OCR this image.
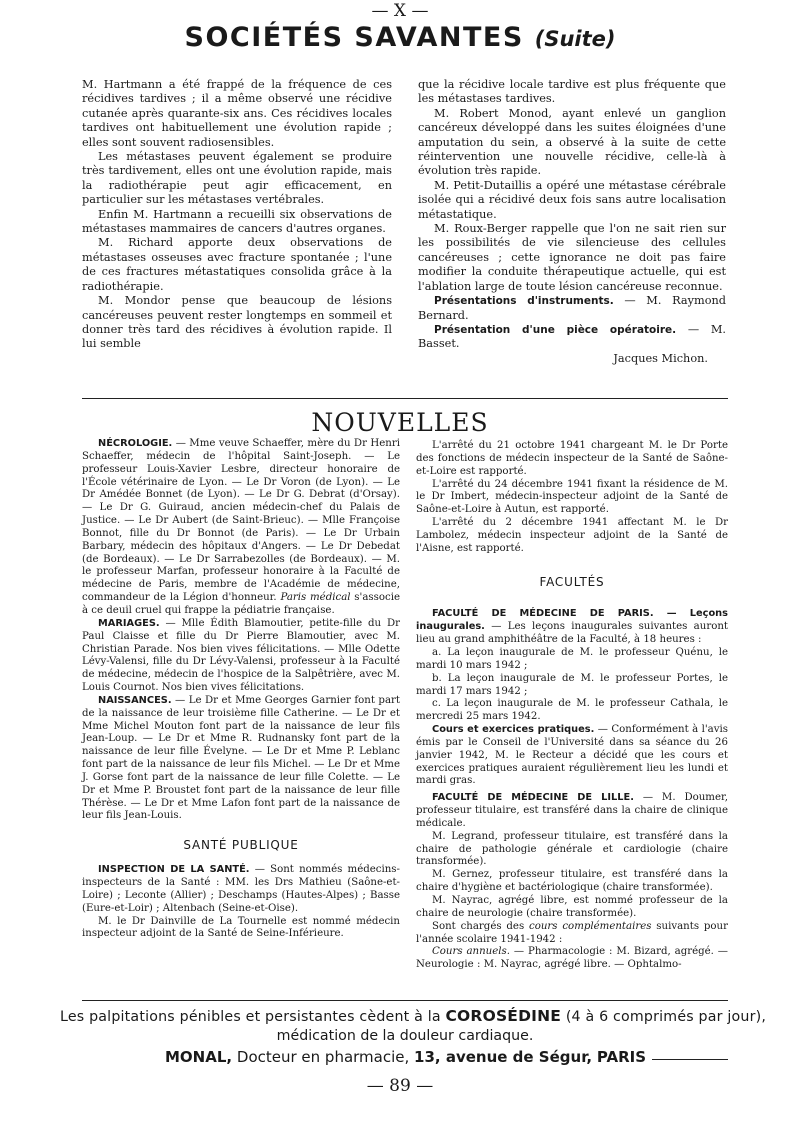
— X —
SOCIÉTÉS SAVANTES (Suite)

M. Hartmann a été frappé de la fréquence de ces récidives tardives ; il a même observé une récidive cutanée après quarante-six ans. Ces récidives locales tardives ont habituellement une évolution rapide ; elles sont souvent radiosensibles.

Les métastases peuvent également se produire très tardivement, elles ont une évolution rapide, mais la radiothérapie peut agir efficacement, en particulier sur les métastases vertébrales.

Enfin M. Hartmann a recueilli six observations de métastases mammaires de cancers d'autres organes.

M. Richard apporte deux observations de métastases osseuses avec fracture spontanée ; l'une de ces fractures métastatiques consolida grâce à la radiothérapie.

M. Mondor pense que beaucoup de lésions cancéreuses peuvent rester longtemps en sommeil et donner très tard des récidives à évolution rapide. Il lui semble

que la récidive locale tardive est plus fréquente que les métastases tardives.

M. Robert Monod, ayant enlevé un ganglion cancéreux développé dans les suites éloignées d'une amputation du sein, a observé à la suite de cette réintervention une nouvelle récidive, celle-là à évolution très rapide.

M. Petit-Dutaillis a opéré une métastase cérébrale isolée qui a récidivé deux fois sans autre localisation métastatique.

M. Roux-Berger rappelle que l'on ne sait rien sur les possibilités de vie silencieuse des cellules cancéreuses ; cette ignorance ne doit pas faire modifier la conduite thérapeutique actuelle, qui est l'ablation large de toute lésion cancéreuse reconnue.

Présentations d'instruments. — M. Raymond Bernard.

Présentation d'une pièce opératoire. — M. Basset.

Jacques Michon.

NOUVELLES

NÉCROLOGIE. — Mme veuve Schaeffer, mère du Dr Henri Schaeffer, médecin de l'hôpital Saint-Joseph. — Le professeur Louis-Xavier Lesbre, directeur honoraire de l'École vétérinaire de Lyon. — Le Dr Voron (de Lyon). — Le Dr Amédée Bonnet (de Lyon). — Le Dr G. Debrat (d'Orsay). — Le Dr G. Guiraud, ancien médecin-chef du Palais de Justice. — Le Dr Aubert (de Saint-Brieuc). — Mlle Françoise Bonnot, fille du Dr Bonnot (de Paris). — Le Dr Urbain Barbary, médecin des hôpitaux d'Angers. — Le Dr Debedat (de Bordeaux). — Le Dr Sarrabezolles (de Bordeaux). — M. le professeur Marfan, professeur honoraire à la Faculté de médecine de Paris, membre de l'Académie de médecine, commandeur de la Légion d'honneur. Paris médical s'associe à ce deuil cruel qui frappe la pédiatrie française.

MARIAGES. — Mlle Édith Blamoutier, petite-fille du Dr Paul Claisse et fille du Dr Pierre Blamoutier, avec M. Christian Parade. Nos bien vives félicitations. — Mlle Odette Lévy-Valensi, fille du Dr Lévy-Valensi, professeur à la Faculté de médecine, médecin de l'hospice de la Salpêtrière, avec M. Louis Cournot. Nos bien vives félicitations.

NAISSANCES. — Le Dr et Mme Georges Garnier font part de la naissance de leur troisième fille Catherine. — Le Dr et Mme Michel Mouton font part de la naissance de leur fils Jean-Loup. — Le Dr et Mme R. Rudnansky font part de la naissance de leur fille Évelyne. — Le Dr et Mme P. Leblanc font part de la naissance de leur fils Michel. — Le Dr et Mme J. Gorse font part de la naissance de leur fille Colette. — Le Dr et Mme P. Broustet font part de la naissance de leur fille Thérèse. — Le Dr et Mme Lafon font part de la naissance de leur fils Jean-Louis.

SANTÉ PUBLIQUE

INSPECTION DE LA SANTÉ. — Sont nommés médecins-inspecteurs de la Santé : MM. les Drs Mathieu (Saône-et-Loire) ; Leconte (Allier) ; Deschamps (Hautes-Alpes) ; Basse (Eure-et-Loir) ; Altenbach (Seine-et-Oise).

M. le Dr Dainville de La Tournelle est nommé médecin inspecteur adjoint de la Santé de Seine-Inférieure.

L'arrêté du 21 octobre 1941 chargeant M. le Dr Porte des fonctions de médecin inspecteur de la Santé de Saône-et-Loire est rapporté.

L'arrêté du 24 décembre 1941 fixant la résidence de M. le Dr Imbert, médecin-inspecteur adjoint de la Santé de Saône-et-Loire à Autun, est rapporté.

L'arrêté du 2 décembre 1941 affectant M. le Dr Lambolez, médecin inspecteur adjoint de la Santé de l'Aisne, est rapporté.

FACULTÉS

FACULTÉ DE MÉDECINE DE PARIS. — Leçons inaugurales. — Les leçons inaugurales suivantes auront lieu au grand amphithéâtre de la Faculté, à 18 heures :

a. La leçon inaugurale de M. le professeur Quénu, le mardi 10 mars 1942 ;

b. La leçon inaugurale de M. le professeur Portes, le mardi 17 mars 1942 ;

c. La leçon inaugurale de M. le professeur Cathala, le mercredi 25 mars 1942.

Cours et exercices pratiques. — Conformément à l'avis émis par le Conseil de l'Université dans sa séance du 26 janvier 1942, M. le Recteur a décidé que les cours et exercices pratiques auraient régulièrement lieu les lundi et mardi gras.

FACULTÉ DE MÉDECINE DE LILLE. — M. Doumer, professeur titulaire, est transféré dans la chaire de clinique médicale.

M. Legrand, professeur titulaire, est transféré dans la chaire de pathologie générale et cardiologie (chaire transformée).

M. Gernez, professeur titulaire, est transféré dans la chaire d'hygiène et bactériologique (chaire transformée).

M. Nayrac, agrégé libre, est nommé professeur de la chaire de neurologie (chaire transformée).

Sont chargés des cours complémentaires suivants pour l'année scolaire 1941-1942 :

Cours annuels. — Pharmacologie : M. Bizard, agrégé. — Neurologie : M. Nayrac, agrégé libre. — Ophtalmo-

Les palpitations pénibles et persistantes cèdent à la COROSÉDINE (4 à 6 comprimés par jour),
médication de la douleur cardiaque.
MONAL, Docteur en pharmacie, 13, avenue de Ségur, PARIS
— 89 —
